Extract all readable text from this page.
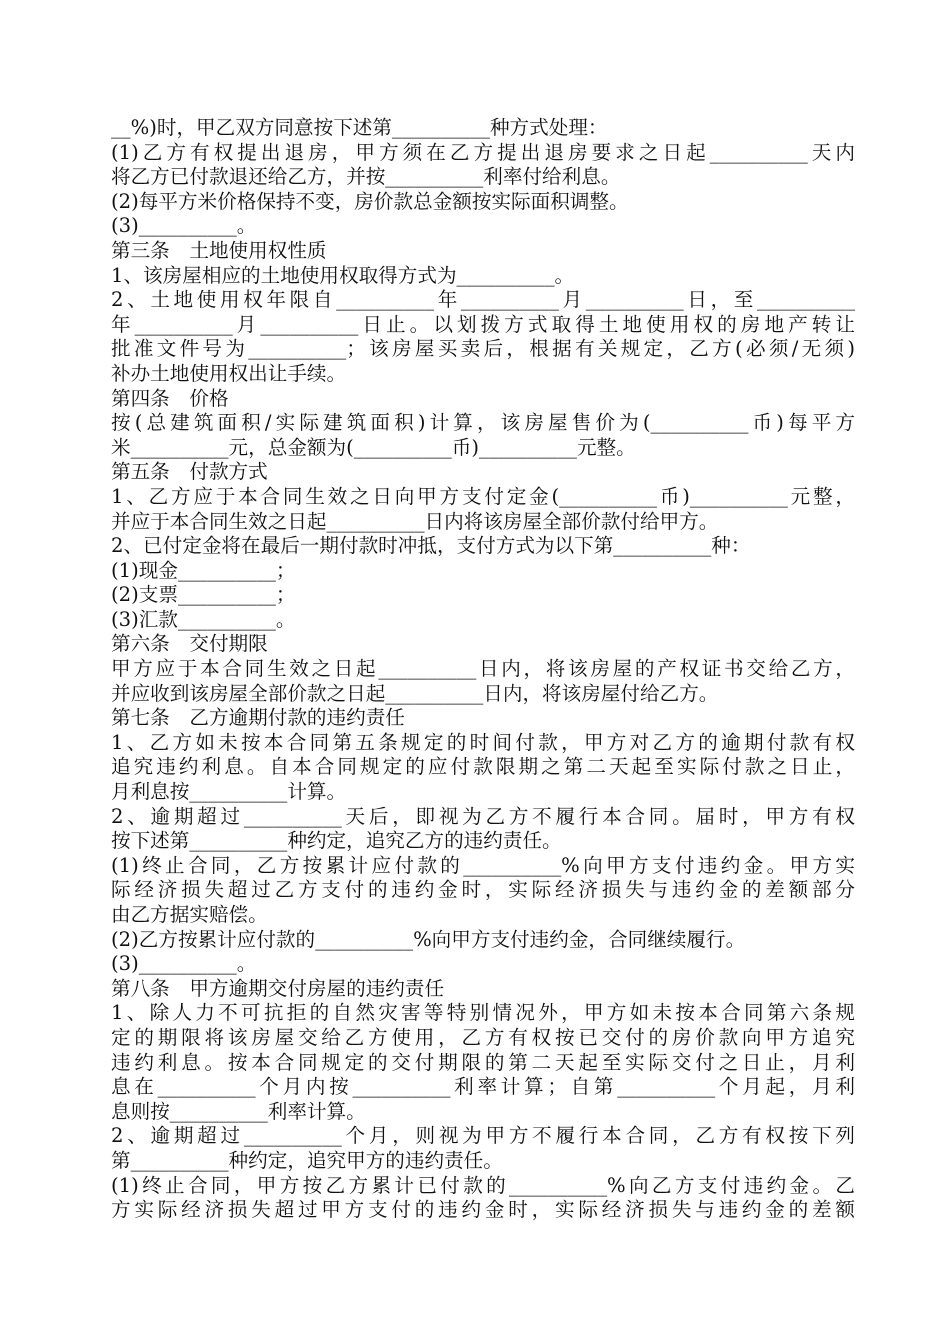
__%)时，甲乙双方同意按下述第__________种方式处理：
(1)乙方有权提出退房，甲方须在乙方提出退房要求之日起__________天内
将乙方已付款退还给乙方，并按__________利率付给利息。
(2)每平方米价格保持不变，房价款总金额按实际面积调整。
(3)__________。
第三条　土地使用权性质
1、该房屋相应的土地使用权取得方式为__________。
2、土地使用权年限自__________年__________月__________日，至__________
年__________月__________日止。以划拨方式取得土地使用权的房地产转让
批准文件号为__________；该房屋买卖后，根据有关规定，乙方(必须/无须)
补办土地使用权出让手续。
第四条　价格
按(总建筑面积/实际建筑面积)计算，该房屋售价为(__________币)每平方
米__________元，总金额为(__________币)__________元整。
第五条　付款方式
1、乙方应于本合同生效之日向甲方支付定金(__________币)__________元整，
并应于本合同生效之日起__________日内将该房屋全部价款付给甲方。
2、已付定金将在最后一期付款时冲抵，支付方式为以下第__________种：
(1)现金__________；
(2)支票__________；
(3)汇款__________。
第六条　交付期限
甲方应于本合同生效之日起__________日内，将该房屋的产权证书交给乙方，
并应收到该房屋全部价款之日起__________日内，将该房屋付给乙方。
第七条　乙方逾期付款的违约责任
1、乙方如未按本合同第五条规定的时间付款，甲方对乙方的逾期付款有权
追究违约利息。自本合同规定的应付款限期之第二天起至实际付款之日止，
月利息按__________计算。
2、逾期超过__________天后，即视为乙方不履行本合同。届时，甲方有权
按下述第__________种约定，追究乙方的违约责任。
(1)终止合同，乙方按累计应付款的__________%向甲方支付违约金。甲方实
际经济损失超过乙方支付的违约金时，实际经济损失与违约金的差额部分
由乙方据实赔偿。
(2)乙方按累计应付款的__________%向甲方支付违约金，合同继续履行。
(3)__________。
第八条　甲方逾期交付房屋的违约责任
1、除人力不可抗拒的自然灾害等特别情况外，甲方如未按本合同第六条规
定的期限将该房屋交给乙方使用，乙方有权按已交付的房价款向甲方追究
违约利息。按本合同规定的交付期限的第二天起至实际交付之日止，月利
息在__________个月内按__________利率计算；自第__________个月起，月利
息则按__________利率计算。
2、逾期超过__________个月，则视为甲方不履行本合同，乙方有权按下列
第__________种约定，追究甲方的违约责任。
(1)终止合同，甲方按乙方累计已付款的__________%向乙方支付违约金。乙
方实际经济损失超过甲方支付的违约金时，实际经济损失与违约金的差额
